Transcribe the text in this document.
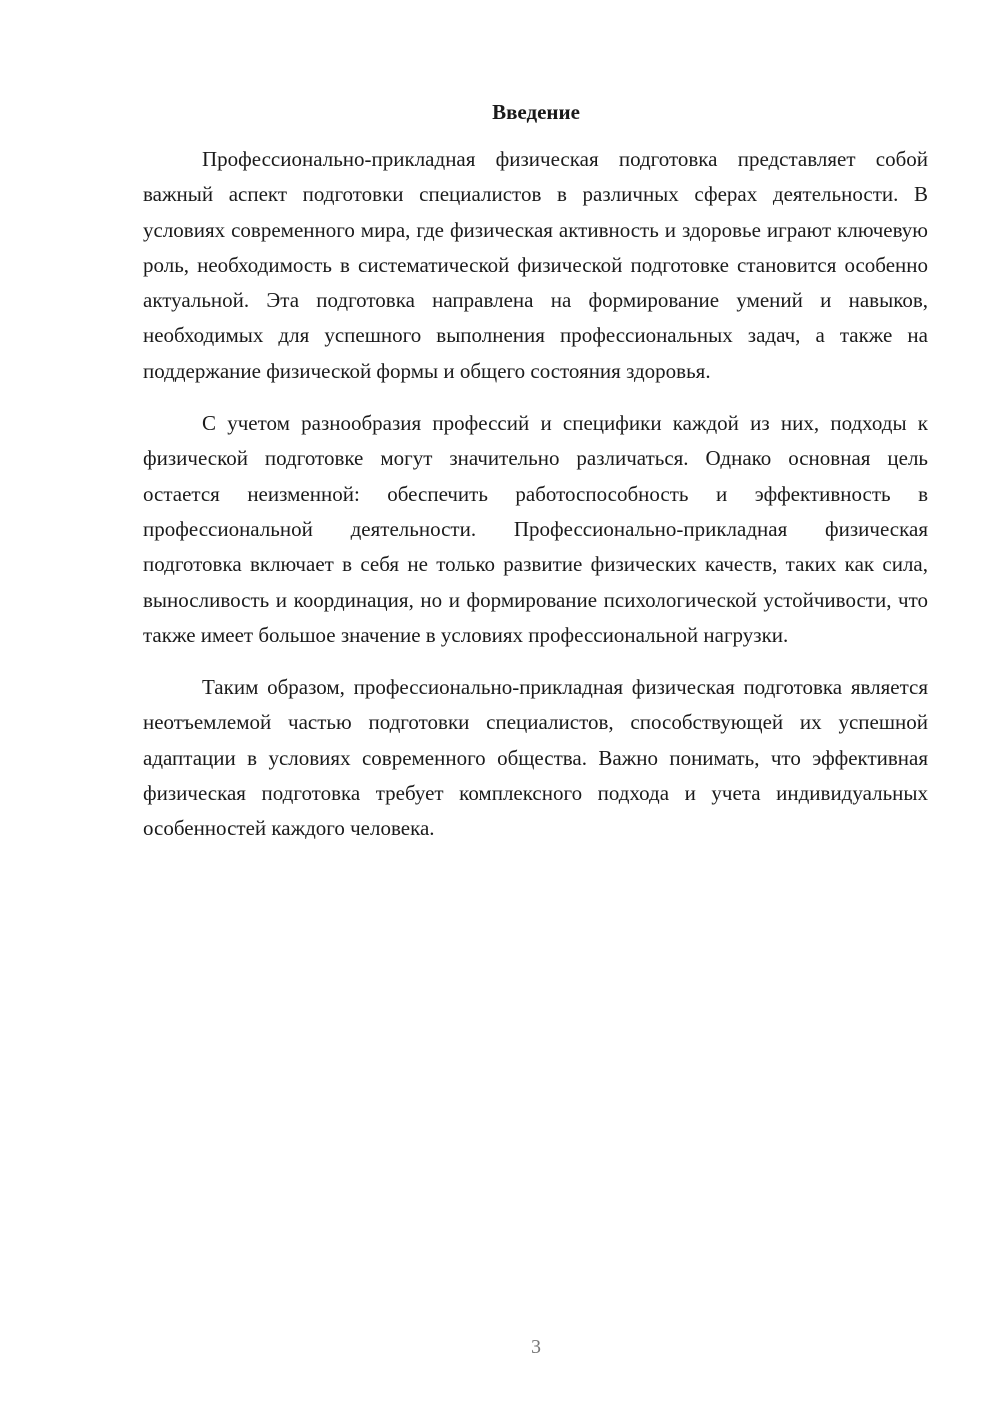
Введение

Профессионально-прикладная физическая подготовка представляет собой важный аспект подготовки специалистов в различных сферах деятельности. В условиях современного мира, где физическая активность и здоровье играют ключевую роль, необходимость в систематической физической подготовке становится особенно актуальной. Эта подготовка направлена на формирование умений и навыков, необходимых для успешного выполнения профессиональных задач, а также на поддержание физической формы и общего состояния здоровья.

С учетом разнообразия профессий и специфики каждой из них, подходы к физической подготовке могут значительно различаться. Однако основная цель остается неизменной: обеспечить работоспособность и эффективность в профессиональной деятельности. Профессионально-прикладная физическая подготовка включает в себя не только развитие физических качеств, таких как сила, выносливость и координация, но и формирование психологической устойчивости, что также имеет большое значение в условиях профессиональной нагрузки.

Таким образом, профессионально-прикладная физическая подготовка является неотъемлемой частью подготовки специалистов, способствующей их успешной адаптации в условиях современного общества. Важно понимать, что эффективная физическая подготовка требует комплексного подхода и учета индивидуальных особенностей каждого человека.

3
